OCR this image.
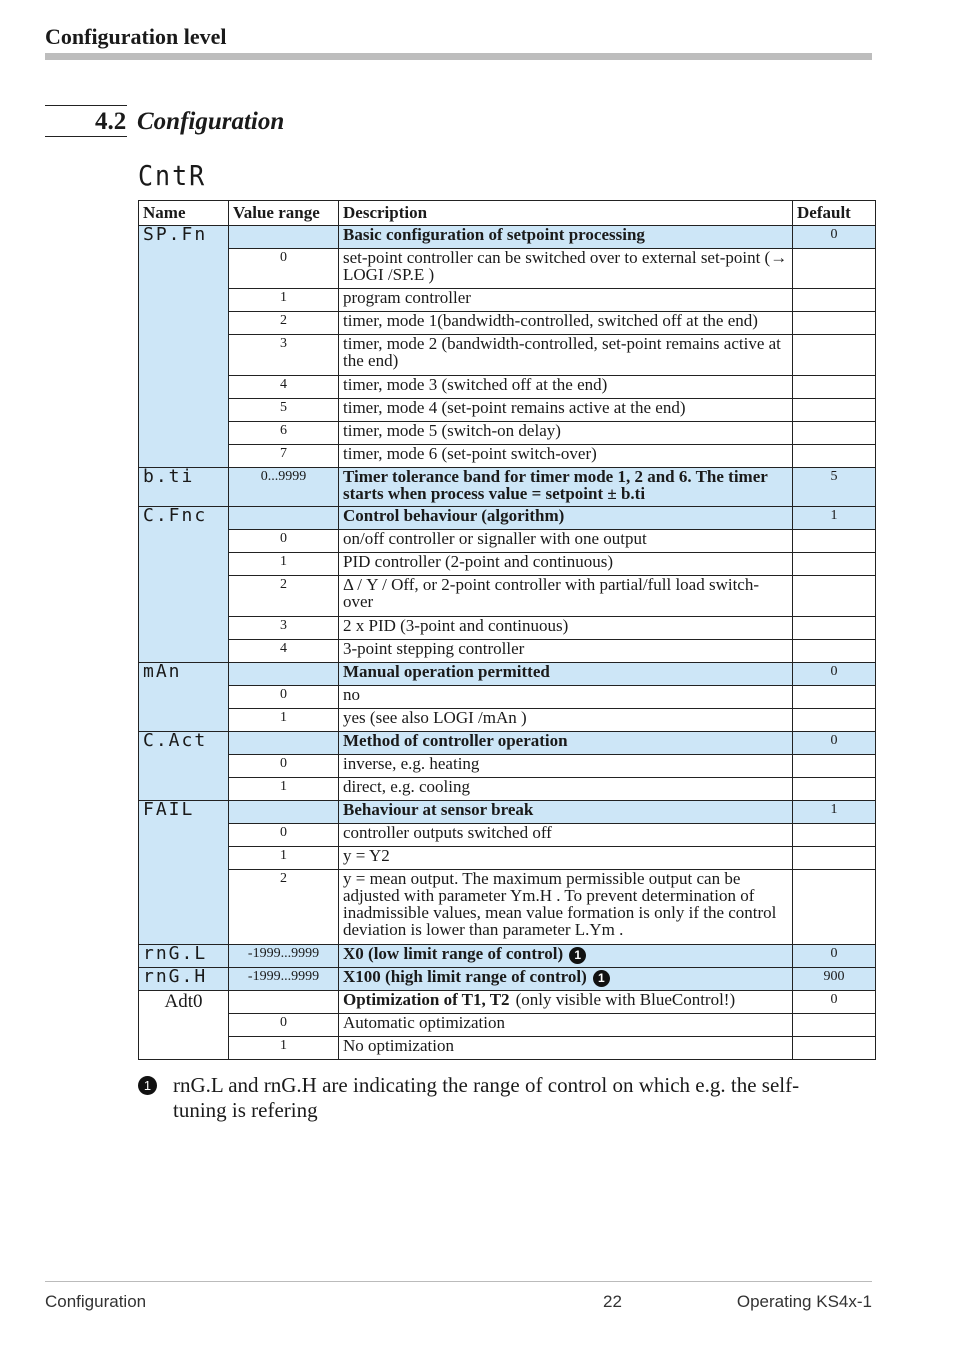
Configuration level
4.2 Configuration
CntR
Name	Value range	Description	Default
SP.Fn		Basic configuration of setpoint processing	0
	0	set-point controller can be switched over to external set-point (→ LOGI /SP.E )	
	1	program controller	
	2	timer, mode 1(bandwidth-controlled, switched off at the end)	
	3	timer, mode 2 (bandwidth-controlled, set-point remains active at the end)	
	4	timer, mode 3 (switched off at the end)	
	5	timer, mode 4 (set-point remains active at the end)	
	6	timer, mode 5 (switch-on delay)	
	7	timer, mode 6 (set-point switch-over)	
b.ti	0...9999	Timer tolerance band for timer mode 1, 2 and 6. The timer starts when process value = setpoint ± b.ti	5
C.Fnc		Control behaviour (algorithm)	1
	0	on/off controller or signaller with one output	
	1	PID controller (2-point and continuous)	
	2	Δ / Y / Off, or 2-point controller with partial/full load switch-over	
	3	2 x PID (3-point and continuous)	
	4	3-point stepping controller	
mAn		Manual operation permitted	0
	0	no	
	1	yes (see also LOGI /mAn )	
C.Act		Method of controller operation	0
	0	inverse, e.g. heating	
	1	direct, e.g. cooling	
FAIL		Behaviour at sensor break	1
	0	controller outputs switched off	
	1	y = Y2	
	2	y = mean output. The maximum permissible output can be adjusted with parameter Ym.H . To prevent determination of inadmissible values, mean value formation is only if the control deviation is lower than parameter L.Ym .	
rnG.L	-1999...9999	X0 (low limit range of control) 1	0
rnG.H	-1999...9999	X100 (high limit range of control) 1	900

Adt0		Optimization of T1, T2 (only visible with BlueControl!)	0
	0	Automatic optimization	
	1	No optimization	
1	rnG.L and rnG.H are indicating the range of control on which e.g. the self-tuning is refering
Configuration	22	Operating KS4x-1
